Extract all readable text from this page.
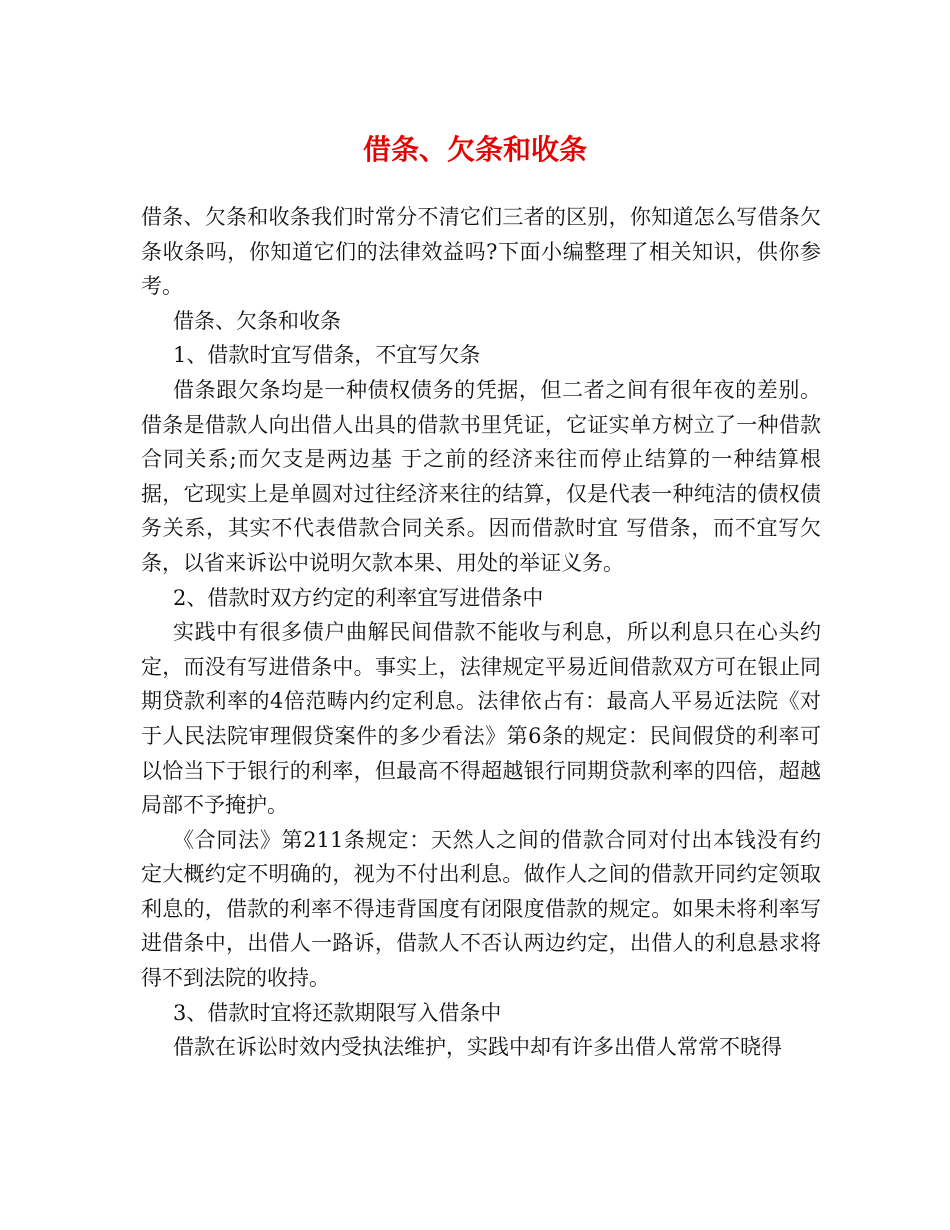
借条、欠条和收条

借条、欠条和收条我们时常分不清它们三者的区别，你知道怎么写借条欠条收条吗，你知道它们的法律效益吗?下面小编整理了相关知识，供你参考。

借条、欠条和收条

1、借款时宜写借条，不宜写欠条

借条跟欠条均是一种债权债务的凭据，但二者之间有很年夜的差别。借条是借款人向出借人出具的借款书里凭证，它证实单方树立了一种借款合同关系;而欠支是两边基 于之前的经济来往而停止结算的一种结算根据，它现实上是单圆对过往经济来往的结算，仅是代表一种纯洁的债权债务关系，其实不代表借款合同关系。因而借款时宜 写借条，而不宜写欠条，以省来诉讼中说明欠款本果、用处的举证义务。

2、借款时双方约定的利率宜写进借条中

实践中有很多债户曲解民间借款不能收与利息，所以利息只在心头约定，而没有写进借条中。事实上，法律规定平易近间借款双方可在银止同期贷款利率的4倍范畴内约定利息。法律依占有：最高人平易近法院《对于人民法院审理假贷案件的多少看法》第6条的规定：民间假贷的利率可以恰当下于银行的利率，但最高不得超越银行同期贷款利率的四倍，超越局部不予掩护。

《合同法》第211条规定：天然人之间的借款合同对付出本钱没有约定大概约定不明确的，视为不付出利息。做作人之间的借款开同约定领取利息的，借款的利率不得违背国度有闭限度借款的规定。如果未将利率写进借条中，出借人一路诉，借款人不否认两边约定，出借人的利息悬求将得不到法院的收持。

3、借款时宜将还款期限写入借条中

借款在诉讼时效内受执法维护，实践中却有许多出借人常常不晓得
